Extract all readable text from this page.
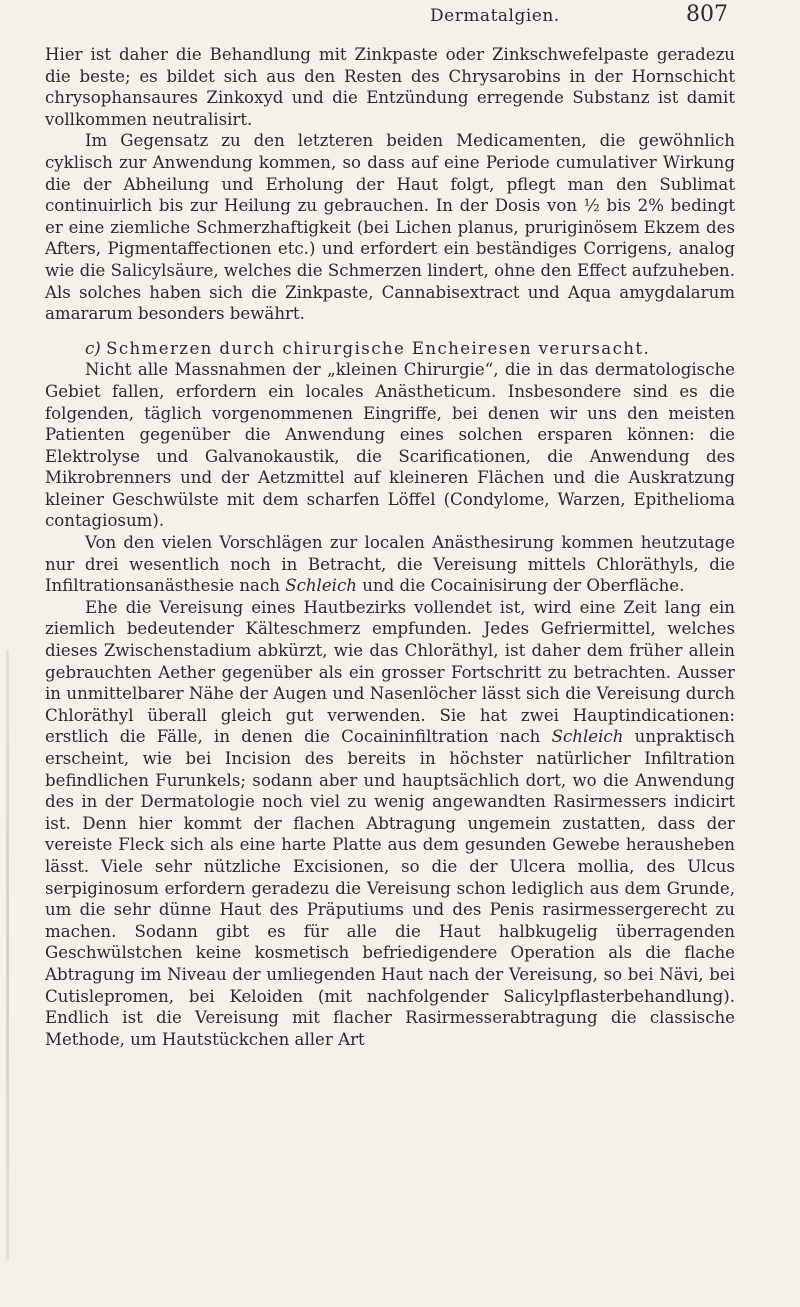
Dermatalgien.	807

Hier ist daher die Behandlung mit Zinkpaste oder Zinkschwefelpaste geradezu die beste; es bildet sich aus den Resten des Chrysarobins in der Hornschicht chrysophansaures Zinkoxyd und die Entzündung erregende Substanz ist damit vollkommen neutralisirt.

Im Gegensatz zu den letzteren beiden Medicamenten, die gewöhnlich cyklisch zur Anwendung kommen, so dass auf eine Periode cumulativer Wirkung die der Abheilung und Erholung der Haut folgt, pflegt man den Sublimat continuirlich bis zur Heilung zu gebrauchen. In der Dosis von ½ bis 2% bedingt er eine ziemliche Schmerzhaftigkeit (bei Lichen planus, pruriginösem Ekzem des Afters, Pigmentaffectionen etc.) und erfordert ein beständiges Corrigens, analog wie die Salicylsäure, welches die Schmerzen lindert, ohne den Effect aufzuheben. Als solches haben sich die Zinkpaste, Cannabisextract und Aqua amygdalarum amararum besonders bewährt.

c) Schmerzen durch chirurgische Encheiresen verursacht.

Nicht alle Massnahmen der „kleinen Chirurgie“, die in das dermatologische Gebiet fallen, erfordern ein locales Anästheticum. Insbesondere sind es die folgenden, täglich vorgenommenen Eingriffe, bei denen wir uns den meisten Patienten gegenüber die Anwendung eines solchen ersparen können: die Elektrolyse und Galvanokaustik, die Scarificationen, die Anwendung des Mikrobrenners und der Aetzmittel auf kleineren Flächen und die Auskratzung kleiner Geschwülste mit dem scharfen Löffel (Condylome, Warzen, Epithelioma contagiosum).

Von den vielen Vorschlägen zur localen Anästhesirung kommen heutzutage nur drei wesentlich noch in Betracht, die Vereisung mittels Chloräthyls, die Infiltrationsanästhesie nach Schleich und die Cocainisirung der Oberfläche.

Ehe die Vereisung eines Hautbezirks vollendet ist, wird eine Zeit lang ein ziemlich bedeutender Kälteschmerz empfunden. Jedes Gefriermittel, welches dieses Zwischenstadium abkürzt, wie das Chloräthyl, ist daher dem früher allein gebrauchten Aether gegenüber als ein grosser Fortschritt zu betrachten. Ausser in unmittelbarer Nähe der Augen und Nasenlöcher lässt sich die Vereisung durch Chloräthyl überall gleich gut verwenden. Sie hat zwei Hauptindicationen: erstlich die Fälle, in denen die Cocaininfiltration nach Schleich unpraktisch erscheint, wie bei Incision des bereits in höchster natürlicher Infiltration befindlichen Furunkels; sodann aber und hauptsächlich dort, wo die Anwendung des in der Dermatologie noch viel zu wenig angewandten Rasirmessers indicirt ist. Denn hier kommt der flachen Abtragung ungemein zustatten, dass der vereiste Fleck sich als eine harte Platte aus dem gesunden Gewebe herausheben lässt. Viele sehr nützliche Excisionen, so die der Ulcera mollia, des Ulcus serpiginosum erfordern geradezu die Vereisung schon lediglich aus dem Grunde, um die sehr dünne Haut des Präputiums und des Penis rasirmessergerecht zu machen. Sodann gibt es für alle die Haut halbkugelig überragenden Geschwülstchen keine kosmetisch befriedigendere Operation als die flache Abtragung im Niveau der umliegenden Haut nach der Vereisung, so bei Nävi, bei Cutislepromen, bei Keloiden (mit nachfolgender Salicylpflasterbehandlung). Endlich ist die Vereisung mit flacher Rasirmesserabtragung die classische Methode, um Hautstückchen aller Art
